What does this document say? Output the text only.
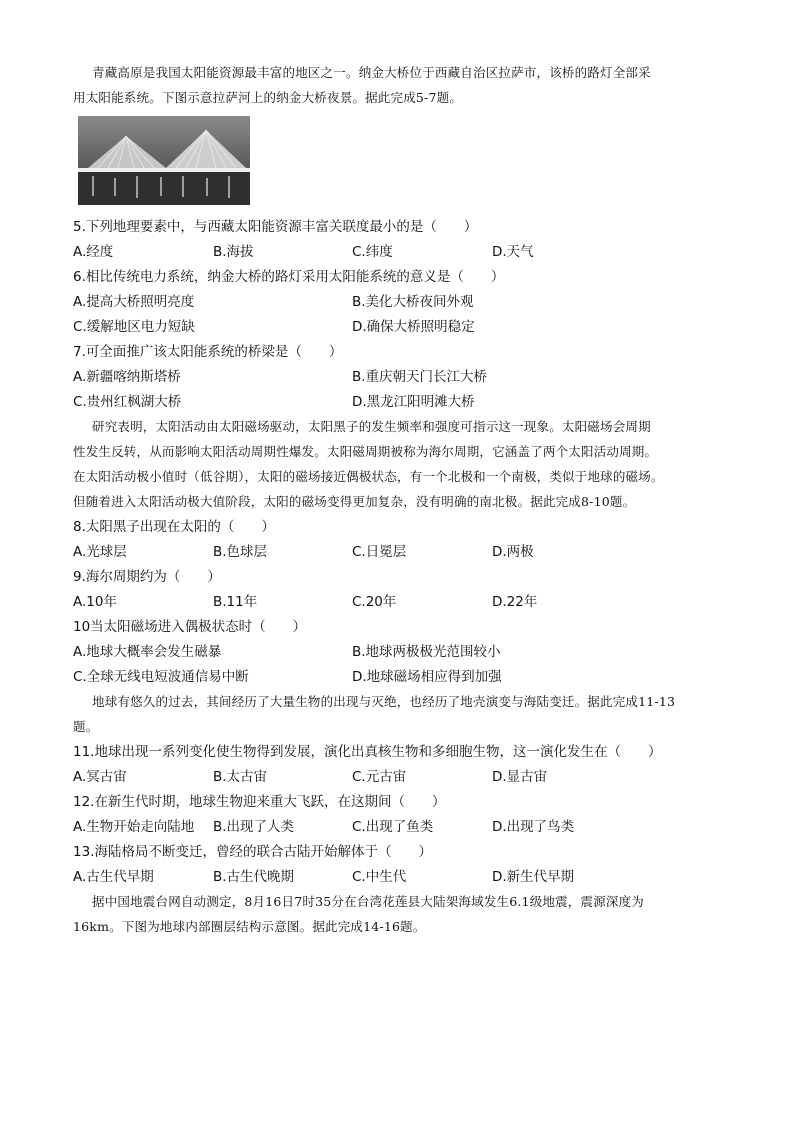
青藏高原是我国太阳能资源最丰富的地区之一。纳金大桥位于西藏自治区拉萨市，该桥的路灯全部采
用太阳能系统。下图示意拉萨河上的纳金大桥夜景。据此完成5-7题。
5.下列地理要素中，与西藏太阳能资源丰富关联度最小的是（　　）
A.经度	B.海拔	C.纬度	D.天气
6.相比传统电力系统，纳金大桥的路灯采用太阳能系统的意义是（　　）
A.提高大桥照明亮度	B.美化大桥夜间外观
C.缓解地区电力短缺	D.确保大桥照明稳定
7.可全面推广该太阳能系统的桥梁是（　　）
A.新疆喀纳斯塔桥	B.重庆朝天门长江大桥
C.贵州红枫湖大桥	D.黑龙江阳明滩大桥
研究表明，太阳活动由太阳磁场驱动，太阳黑子的发生频率和强度可指示这一现象。太阳磁场会周期
性发生反转，从而影响太阳活动周期性爆发。太阳磁周期被称为海尔周期，它涵盖了两个太阳活动周期。
在太阳活动极小值时（低谷期），太阳的磁场接近偶极状态，有一个北极和一个南极，类似于地球的磁场。
但随着进入太阳活动极大值阶段，太阳的磁场变得更加复杂，没有明确的南北极。据此完成8-10题。
8.太阳黑子出现在太阳的（　　）
A.光球层	B.色球层	C.日冕层	D.两极
9.海尔周期约为（　　）
A.10年	B.11年	C.20年	D.22年
10当太阳磁场进入偶极状态时（　　）
A.地球大概率会发生磁暴	B.地球两极极光范围较小
C.全球无线电短波通信易中断	D.地球磁场相应得到加强
地球有悠久的过去，其间经历了大量生物的出现与灭绝，也经历了地壳演变与海陆变迁。据此完成11-13
题。
11.地球出现一系列变化使生物得到发展，演化出真核生物和多细胞生物，这一演化发生在（　　）
A.冥古宙	B.太古宙	C.元古宙	D.显古宙
12.在新生代时期，地球生物迎来重大飞跃，在这期间（　　）
A.生物开始走向陆地 B.出现了人类	C.出现了鱼类	D.出现了鸟类
13.海陆格局不断变迁，曾经的联合古陆开始解体于（　　）
A.古生代早期	B.古生代晚期	C.中生代	D.新生代早期
据中国地震台网自动测定，8月16日7时35分在台湾花莲县大陆架海域发生6.1级地震，震源深度为
16km。下图为地球内部圈层结构示意图。据此完成14-16题。
